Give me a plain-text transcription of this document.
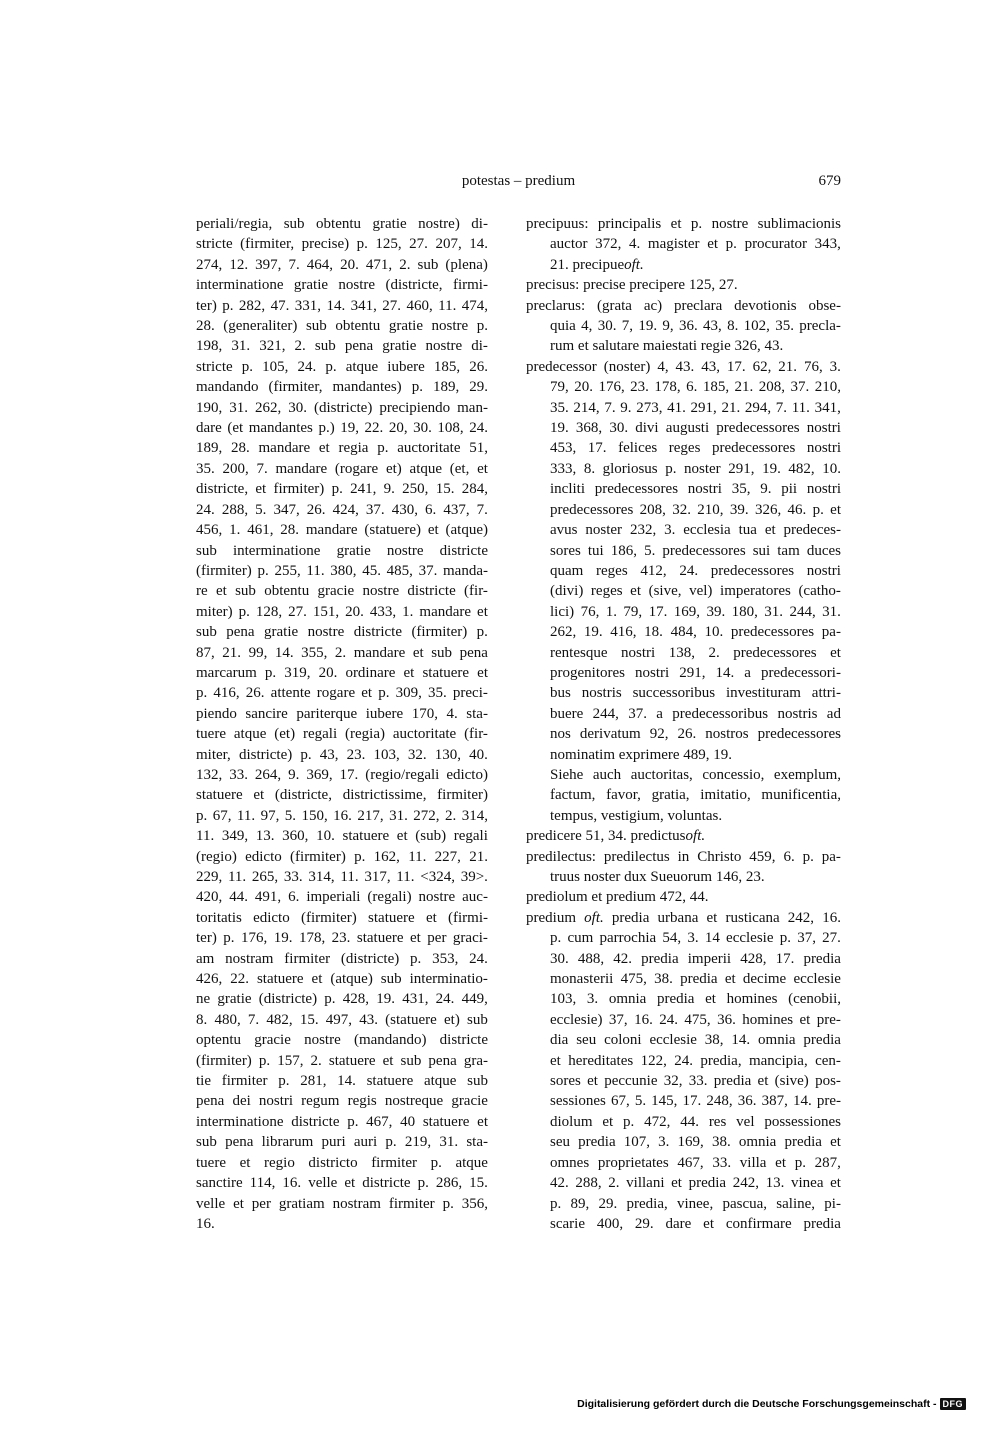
potestas – predium	679
periali/regia, sub obtentu gratie nostre) di-
stricte (firmiter, precise) p. 125, 27. 207, 14.
274, 12. 397, 7. 464, 20. 471, 2. sub (plena)
interminatione gratie nostre (districte, firmi-
ter) p. 282, 47. 331, 14. 341, 27. 460, 11. 474,
28. (generaliter) sub obtentu gratie nostre p.
198, 31. 321, 2. sub pena gratie nostre di-
stricte p. 105, 24. p. atque iubere 185, 26.
mandando (firmiter, mandantes) p. 189, 29.
190, 31. 262, 30. (districte) precipiendo man-
dare (et mandantes p.) 19, 22. 20, 30. 108, 24.
189, 28. mandare et regia p. auctoritate 51,
35. 200, 7. mandare (rogare et) atque (et, et
districte, et firmiter) p. 241, 9. 250, 15. 284,
24. 288, 5. 347, 26. 424, 37. 430, 6. 437, 7.
456, 1. 461, 28. mandare (statuere) et (atque)
sub interminatione gratie nostre districte
(firmiter) p. 255, 11. 380, 45. 485, 37. manda-
re et sub obtentu gracie nostre districte (fir-
miter) p. 128, 27. 151, 20. 433, 1. mandare et
sub pena gratie nostre districte (firmiter) p.
87, 21. 99, 14. 355, 2. mandare et sub pena
marcarum p. 319, 20. ordinare et statuere et
p. 416, 26. attente rogare et p. 309, 35. preci-
piendo sancire pariterque iubere 170, 4. sta-
tuere atque (et) regali (regia) auctoritate (fir-
miter, districte) p. 43, 23. 103, 32. 130, 40.
132, 33. 264, 9. 369, 17. (regio/regali edicto)
statuere et (districte, districtissime, firmiter)
p. 67, 11. 97, 5. 150, 16. 217, 31. 272, 2. 314,
11. 349, 13. 360, 10. statuere et (sub) regali
(regio) edicto (firmiter) p. 162, 11. 227, 21.
229, 11. 265, 33. 314, 11. 317, 11. <324, 39>.
420, 44. 491, 6. imperiali (regali) nostre auc-
toritatis edicto (firmiter) statuere et (firmi-
ter) p. 176, 19. 178, 23. statuere et per graci-
am nostram firmiter (districte) p. 353, 24.
426, 22. statuere et (atque) sub interminatio-
ne gratie (districte) p. 428, 19. 431, 24. 449,
8. 480, 7. 482, 15. 497, 43. (statuere et) sub
optentu gracie nostre (mandando) districte
(firmiter) p. 157, 2. statuere et sub pena gra-
tie firmiter p. 281, 14. statuere atque sub
pena dei nostri regum regis nostreque gracie
interminatione districte p. 467, 40 statuere et
sub pena librarum puri auri p. 219, 31. sta-
tuere et regio districto firmiter p. atque
sanctire 114, 16. velle et districte p. 286, 15.
velle et per gratiam nostram firmiter p. 356,
16.
precipuus: principalis et p. nostre sublimacionis
auctor 372, 4. magister et p. procurator 343,
21. precipue oft.
precisus: precise precipere 125, 27.
preclarus: (grata ac) preclara devotionis obse-
quia 4, 30. 7, 19. 9, 36. 43, 8. 102, 35. precla-
rum et salutare maiestati regie 326, 43.
predecessor (noster) 4, 43. 43, 17. 62, 21. 76, 3.
79, 20. 176, 23. 178, 6. 185, 21. 208, 37. 210,
35. 214, 7. 9. 273, 41. 291, 21. 294, 7. 11. 341,
19. 368, 30. divi augusti predecessores nostri
453, 17. felices reges predecessores nostri
333, 8. gloriosus p. noster 291, 19. 482, 10.
incliti predecessores nostri 35, 9. pii nostri
predecessores 208, 32. 210, 39. 326, 46. p. et
avus noster 232, 3. ecclesia tua et predeces-
sores tui 186, 5. predecessores sui tam duces
quam reges 412, 24. predecessores nostri
(divi) reges et (sive, vel) imperatores (catho-
lici) 76, 1. 79, 17. 169, 39. 180, 31. 244, 31.
262, 19. 416, 18. 484, 10. predecessores pa-
rentesque nostri 138, 2. predecessores et
progenitores nostri 291, 14. a predecessori-
bus nostris successoribus investituram attri-
buere 244, 37. a predecessoribus nostris ad
nos derivatum 92, 26. nostros predecessores
nominatim exprimere 489, 19.
Siehe auch auctoritas, concessio, exemplum,
factum, favor, gratia, imitatio, munificentia,
tempus, vestigium, voluntas.
predicere 51, 34. predictus oft.
predilectus: predilectus in Christo 459, 6. p. pa-
truus noster dux Sueuorum 146, 23.
prediolum et predium 472, 44.
predium oft. predia urbana et rusticana 242, 16.
p. cum parrochia 54, 3. 14 ecclesie p. 37, 27.
30. 488, 42. predia imperii 428, 17. predia
monasterii 475, 38. predia et decime ecclesie
103, 3. omnia predia et homines (cenobii,
ecclesie) 37, 16. 24. 475, 36. homines et pre-
dia seu coloni ecclesie 38, 14. omnia predia
et hereditates 122, 24. predia, mancipia, cen-
sores et peccunie 32, 33. predia et (sive) pos-
sessiones 67, 5. 145, 17. 248, 36. 387, 14. pre-
diolum et p. 472, 44. res vel possessiones
seu predia 107, 3. 169, 38. omnia predia et
omnes proprietates 467, 33. villa et p. 287,
42. 288, 2. villani et predia 242, 13. vinea et
p. 89, 29. predia, vinee, pascua, saline, pi-
scarie 400, 29. dare et confirmare predia
Digitalisierung gefördert durch die Deutsche Forschungsgemeinschaft - DFG
